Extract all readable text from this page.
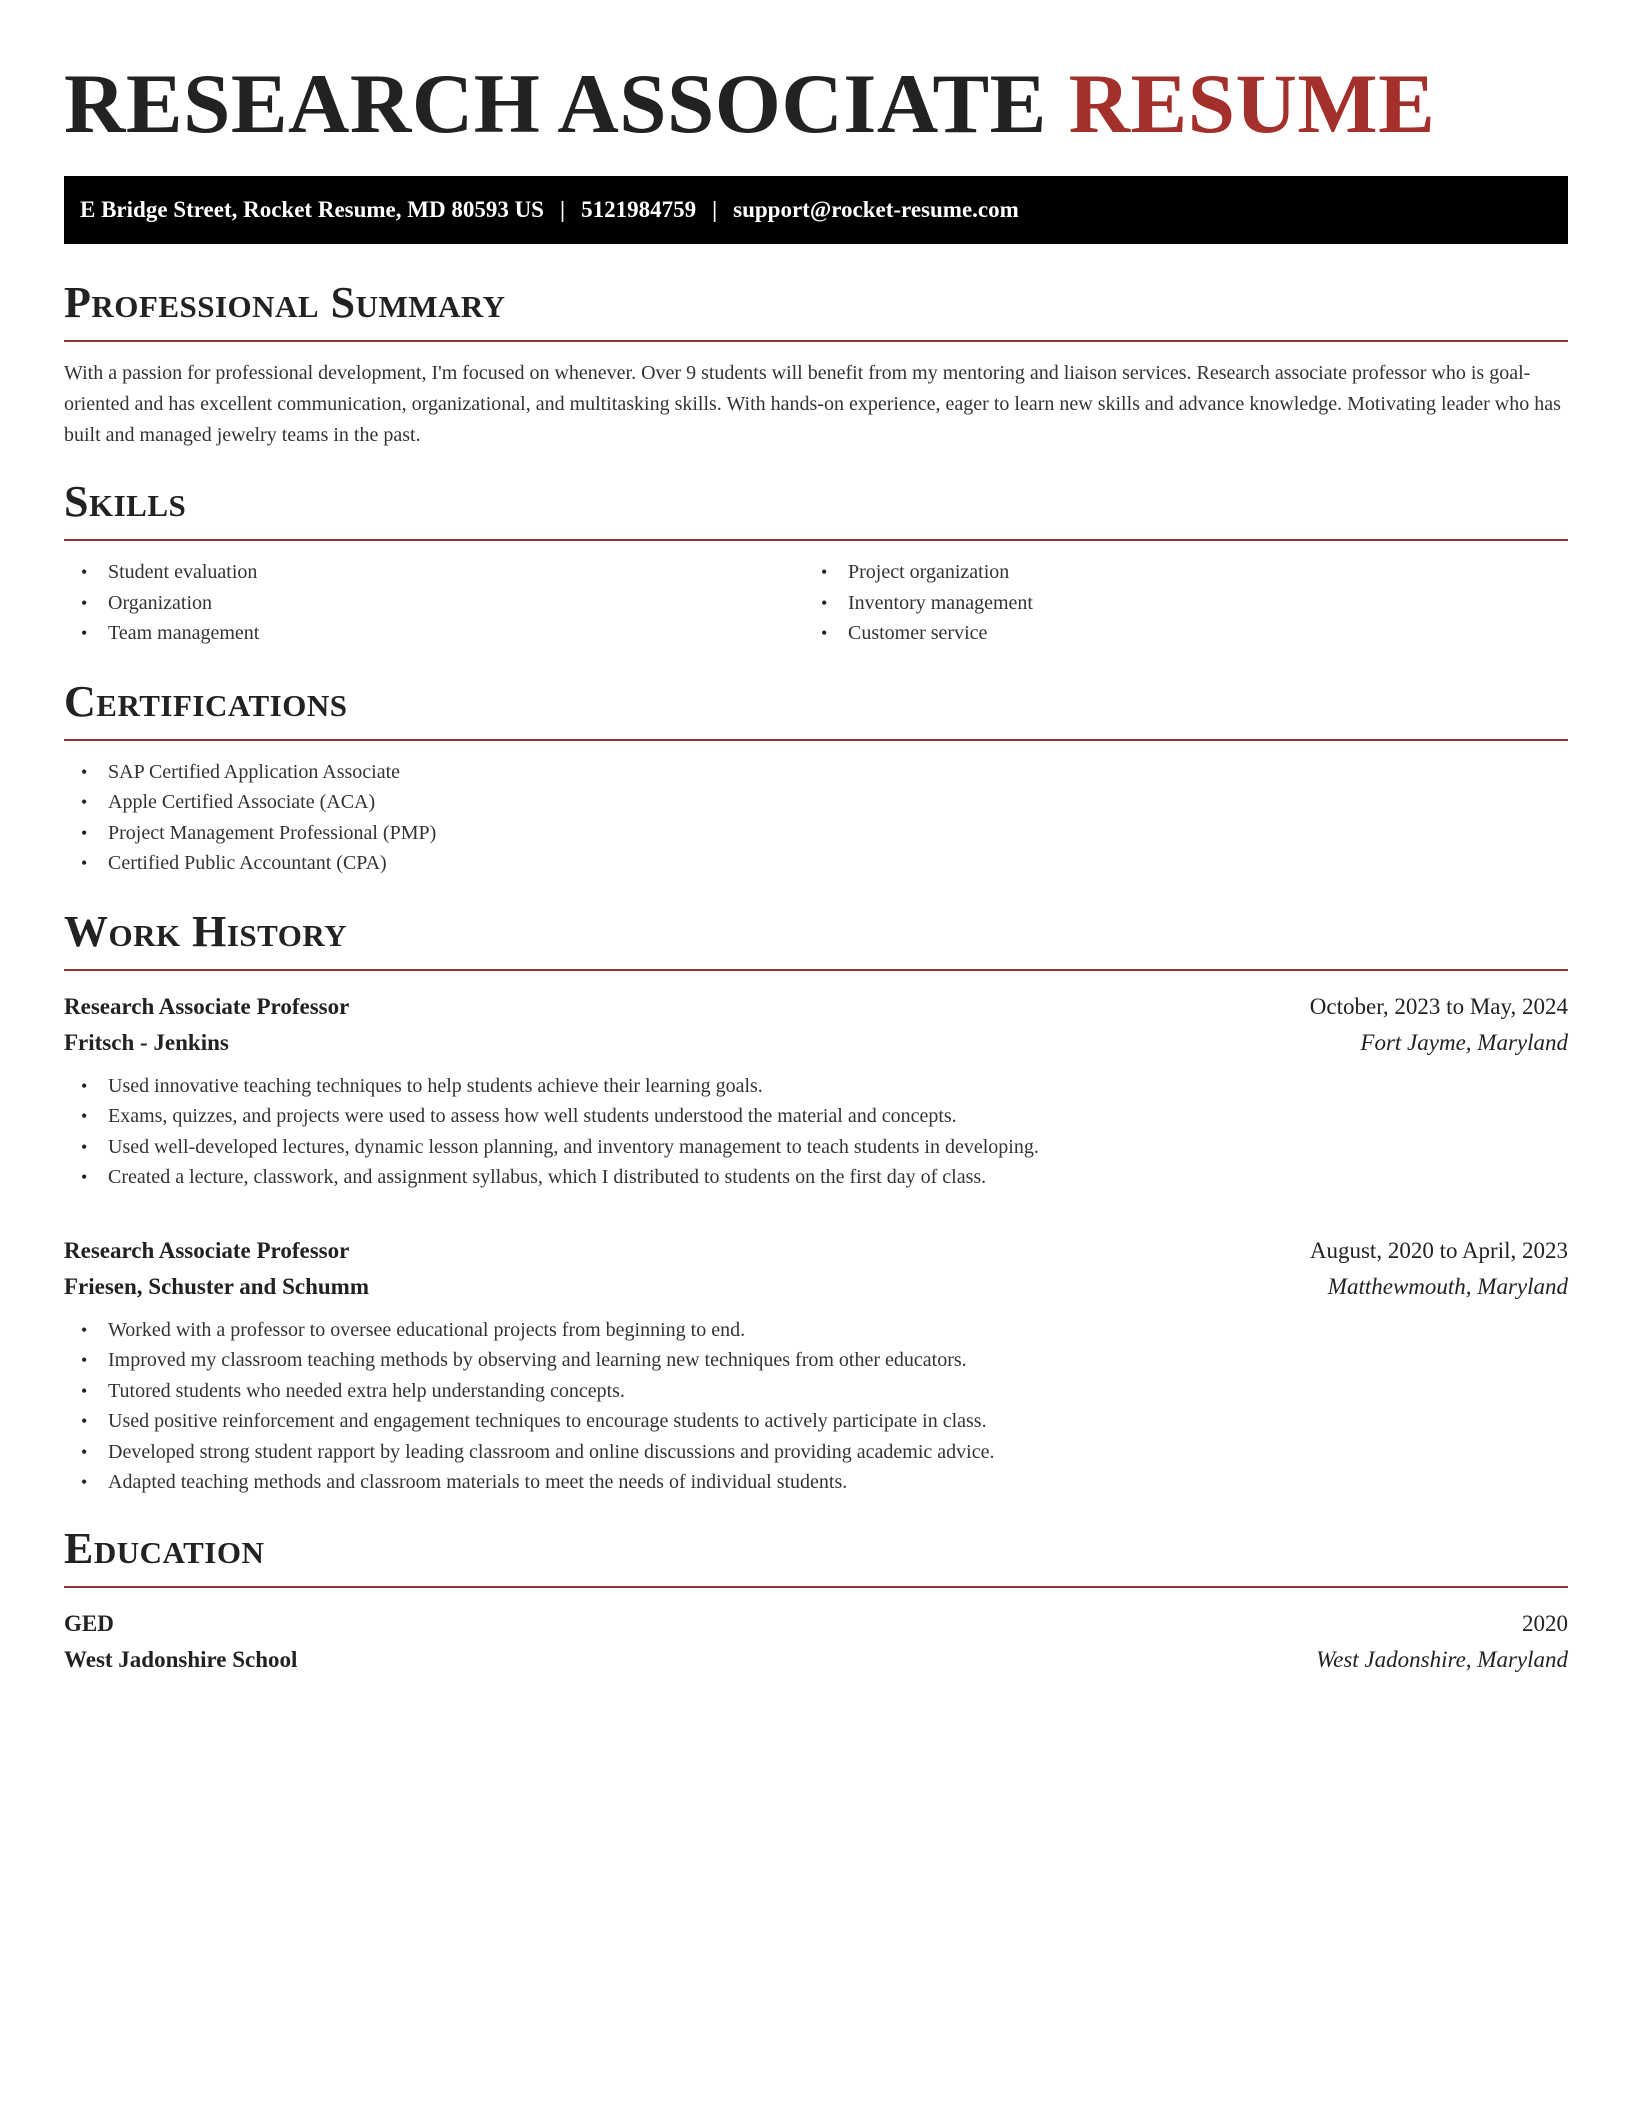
RESEARCH ASSOCIATE RESUME
E Bridge Street, Rocket Resume, MD 80593 US | 5121984759 | support@rocket-resume.com
Professional Summary

With a passion for professional development, I'm focused on whenever. Over 9 students will benefit from my mentoring and liaison services. Research associate professor who is goal-oriented and has excellent communication, organizational, and multitasking skills. With hands-on experience, eager to learn new skills and advance knowledge. Motivating leader who has built and managed jewelry teams in the past.

Skills
• Student evaluation
• Organization
• Team management
• Project organization
• Inventory management
• Customer service
Certifications
• SAP Certified Application Associate
• Apple Certified Associate (ACA)
• Project Management Professional (PMP)
• Certified Public Accountant (CPA)
Work History
Research Associate Professor	October, 2023 to May, 2024
Fritsch - Jenkins	Fort Jayme, Maryland
• Used innovative teaching techniques to help students achieve their learning goals.
• Exams, quizzes, and projects were used to assess how well students understood the material and concepts.
• Used well-developed lectures, dynamic lesson planning, and inventory management to teach students in developing.
• Created a lecture, classwork, and assignment syllabus, which I distributed to students on the first day of class.
Research Associate Professor	August, 2020 to April, 2023
Friesen, Schuster and Schumm	Matthewmouth, Maryland
• Worked with a professor to oversee educational projects from beginning to end.
• Improved my classroom teaching methods by observing and learning new techniques from other educators.
• Tutored students who needed extra help understanding concepts.
• Used positive reinforcement and engagement techniques to encourage students to actively participate in class.
• Developed strong student rapport by leading classroom and online discussions and providing academic advice.
• Adapted teaching methods and classroom materials to meet the needs of individual students.
Education
GED	2020
West Jadonshire School	West Jadonshire, Maryland
